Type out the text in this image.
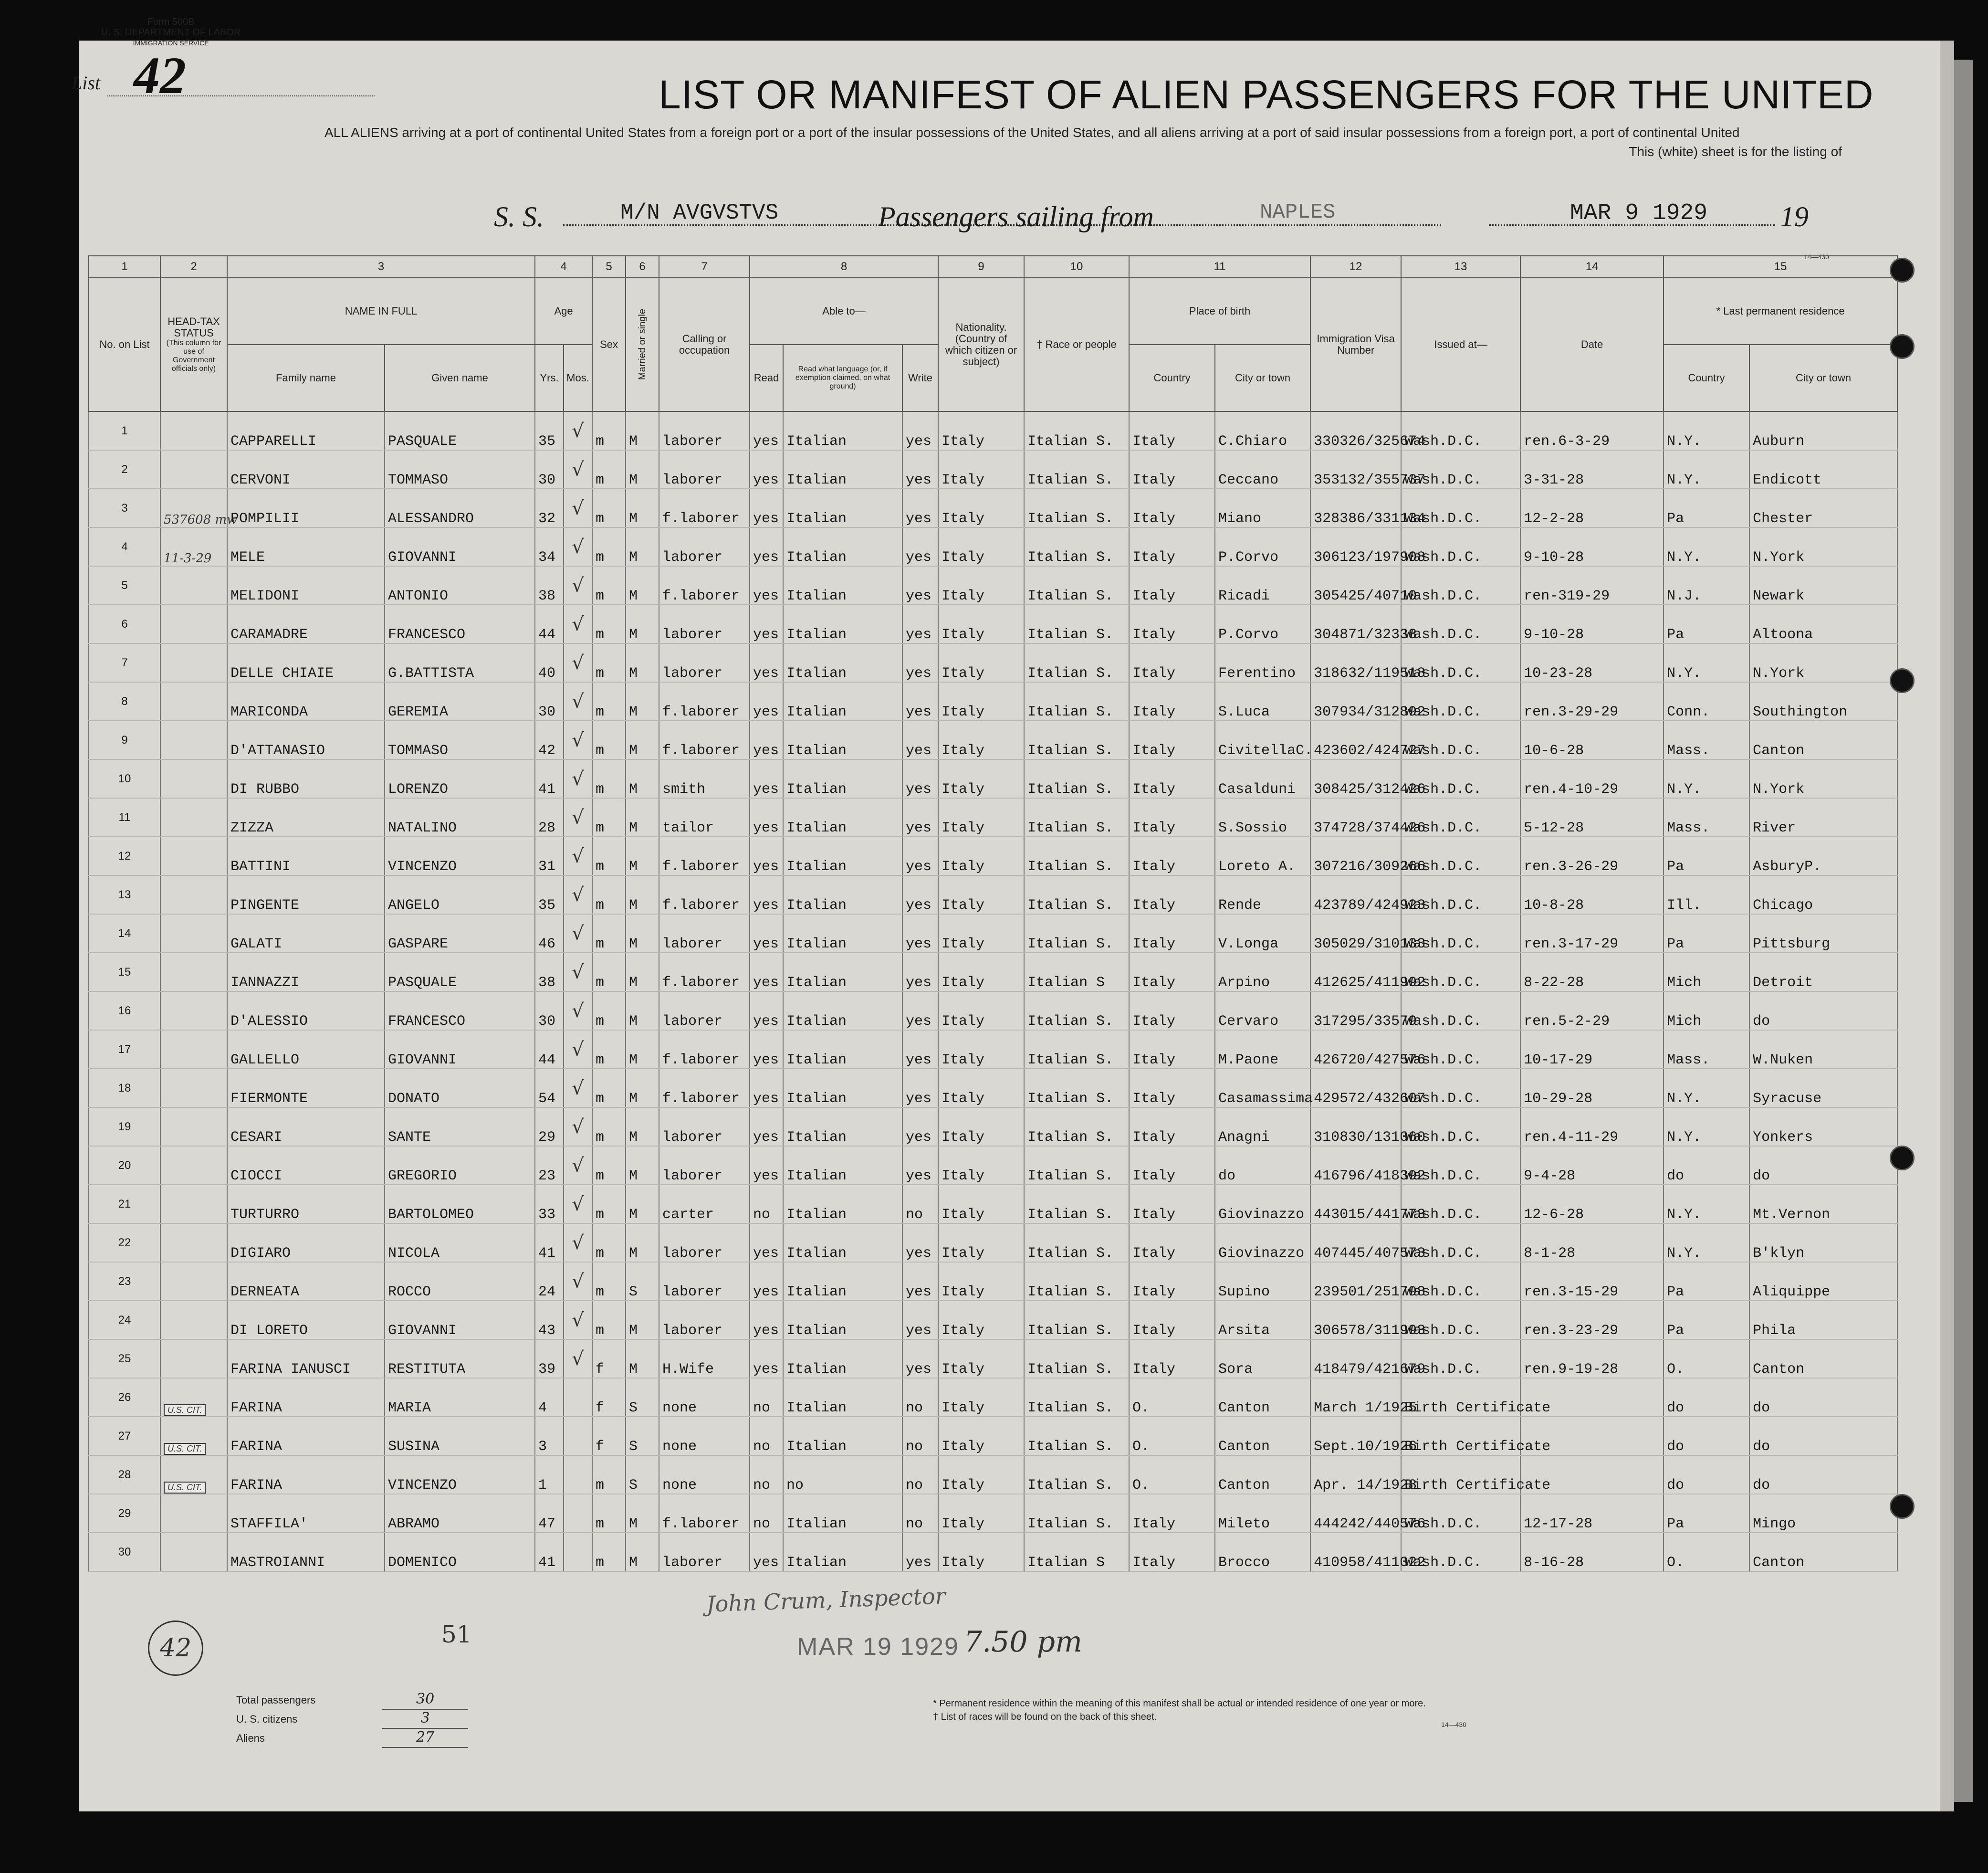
Form 500B
U. S. DEPARTMENT OF LABOR
IMMIGRATION SERVICE
List 42	LIST OR MANIFEST OF ALIEN PASSENGERS FOR THE UNITED
ALL ALIENS arriving at a port of continental United States from a foreign port or a port of the insular possessions of the United States, and all aliens arriving at a port of said insular possessions from a foreign port, a port of continental United
This (white) sheet is for the listing of
S. S.	M/N AVGVSTVS	Passengers sailing from	NAPLES	MAR 9 1929	19
14—430
1	2	3		4		5	6	7	8			9	10	11		12	13	14	15	
No. on List	HEAD-TAX STATUS
(This column for use of Government officials only)	NAME IN FULL		Age		Sex	Married or single	Calling or occupation	Able to—			Nationality. (Country of which citizen or subject)	† Race or people	Place of birth		Immigration Visa Number	Issued at—	Date	* Last permanent residence	
		Family name	Given name	Yrs.	Mos.				Read	Read what language (or, if exemption claimed, on what ground)	Write			Country	City or town				Country	City or town
1		CAPPARELLI	PASQUALE	35	√	m	M	laborer	yes	Italian	yes	Italy	Italian S.	Italy	C.Chiaro	330326/325674	Wash.D.C.	ren.6-3-29	N.Y.	Auburn
2		CERVONI	TOMMASO	30	√	m	M	laborer	yes	Italian	yes	Italy	Italian S.	Italy	Ceccano	353132/355737	Wash.D.C.	3-31-28	N.Y.	Endicott
3	537608 mw	POMPILII	ALESSANDRO	32	√	m	M	f.laborer	yes	Italian	yes	Italy	Italian S.	Italy	Miano	328386/331134	Wash.D.C.	12-2-28	Pa	Chester
4	11-3-29	MELE	GIOVANNI	34	√	m	M	laborer	yes	Italian	yes	Italy	Italian S.	Italy	P.Corvo	306123/197908	Wash.D.C.	9-10-28	N.Y.	N.York
5		MELIDONI	ANTONIO	38	√	m	M	f.laborer	yes	Italian	yes	Italy	Italian S.	Italy	Ricadi	305425/40710	Wash.D.C.	ren-319-29	N.J.	Newark
6		CARAMADRE	FRANCESCO	44	√	m	M	laborer	yes	Italian	yes	Italy	Italian S.	Italy	P.Corvo	304871/32338	Wash.D.C.	9-10-28	Pa	Altoona
7		DELLE CHIAIE	G.BATTISTA	40	√	m	M	laborer	yes	Italian	yes	Italy	Italian S.	Italy	Ferentino	318632/119518	Wash.D.C.	10-23-28	N.Y.	N.York
8		MARICONDA	GEREMIA	30	√	m	M	f.laborer	yes	Italian	yes	Italy	Italian S.	Italy	S.Luca	307934/312892	Wash.D.C.	ren.3-29-29	Conn.	Southington
9		D'ATTANASIO	TOMMASO	42	√	m	M	f.laborer	yes	Italian	yes	Italy	Italian S.	Italy	CivitellaC.	423602/424727	Wash.D.C.	10-6-28	Mass.	Canton
10		DI RUBBO	LORENZO	41	√	m	M	smith	yes	Italian	yes	Italy	Italian S.	Italy	Casalduni	308425/312426	Wash.D.C.	ren.4-10-29	N.Y.	N.York
11		ZIZZA	NATALINO	28	√	m	M	tailor	yes	Italian	yes	Italy	Italian S.	Italy	S.Sossio	374728/374426	Wash.D.C.	5-12-28	Mass.	River
12		BATTINI	VINCENZO	31	√	m	M	f.laborer	yes	Italian	yes	Italy	Italian S.	Italy	Loreto A.	307216/309266	Wash.D.C.	ren.3-26-29	Pa	AsburyP.
13		PINGENTE	ANGELO	35	√	m	M	f.laborer	yes	Italian	yes	Italy	Italian S.	Italy	Rende	423789/424923	Wash.D.C.	10-8-28	Ill.	Chicago
14		GALATI	GASPARE	46	√	m	M	laborer	yes	Italian	yes	Italy	Italian S.	Italy	V.Longa	305029/310133	Wash.D.C.	ren.3-17-29	Pa	Pittsburg
15		IANNAZZI	PASQUALE	38	√	m	M	f.laborer	yes	Italian	yes	Italy	Italian S	Italy	Arpino	412625/411992	Wash.D.C.	8-22-28	Mich	Detroit
16		D'ALESSIO	FRANCESCO	30	√	m	M	laborer	yes	Italian	yes	Italy	Italian S.	Italy	Cervaro	317295/33579	Wash.D.C.	ren.5-2-29	Mich	do
17		GALLELLO	GIOVANNI	44	√	m	M	f.laborer	yes	Italian	yes	Italy	Italian S.	Italy	M.Paone	426720/427576	Wash.D.C.	10-17-29	Mass.	W.Nuken
18		FIERMONTE	DONATO	54	√	m	M	f.laborer	yes	Italian	yes	Italy	Italian S.	Italy	Casamassima	429572/432607	Wash.D.C.	10-29-28	N.Y.	Syracuse
19		CESARI	SANTE	29	√	m	M	laborer	yes	Italian	yes	Italy	Italian S.	Italy	Anagni	310830/131060	Wash.D.C.	ren.4-11-29	N.Y.	Yonkers
20		CIOCCI	GREGORIO	23	√	m	M	laborer	yes	Italian	yes	Italy	Italian S.	Italy	do	416796/418392	Wash.D.C.	9-4-28	do	do
21		TURTURRO	BARTOLOMEO	33	√	m	M	carter	no	Italian	no	Italy	Italian S.	Italy	Giovinazzo	443015/441773	Wash.D.C.	12-6-28	N.Y.	Mt.Vernon
22		DIGIARO	NICOLA	41	√	m	M	laborer	yes	Italian	yes	Italy	Italian S.	Italy	Giovinazzo	407445/407573	Wash.D.C.	8-1-28	N.Y.	B'klyn
23		DERNEATA	ROCCO	24	√	m	S	laborer	yes	Italian	yes	Italy	Italian S.	Italy	Supino	239501/251798	Wash.D.C.	ren.3-15-29	Pa	Aliquippe
24		DI LORETO	GIOVANNI	43	√	m	M	laborer	yes	Italian	yes	Italy	Italian S.	Italy	Arsita	306578/311993	Wash.D.C.	ren.3-23-29	Pa	Phila
25		FARINA IANUSCI	RESTITUTA	39	√	f	M	H.Wife	yes	Italian	yes	Italy	Italian S.	Italy	Sora	418479/421679	Wash.D.C.	ren.9-19-28	O.	Canton
26	U.S. CIT.	FARINA	MARIA	4		f	S	none	no	Italian	no	Italy	Italian S.	O.	Canton	March 1/1925	Birth Certificate		do	do
27	U.S. CIT.	FARINA	SUSINA	3		f	S	none	no	Italian	no	Italy	Italian S.	O.	Canton	Sept.10/1926	Birth Certificate		do	do
28	U.S. CIT.	FARINA	VINCENZO	1		m	S	none	no	no	no	Italy	Italian S.	O.	Canton	Apr. 14/1928	Birth Certificate		do	do
29		STAFFILA'	ABRAMO	47		m	M	f.laborer	no	Italian	no	Italy	Italian S.	Italy	Mileto	444242/440576	Wash.D.C.	12-17-28	Pa	Mingo
30		MASTROIANNI	DOMENICO	41		m	M	laborer	yes	Italian	yes	Italy	Italian S	Italy	Brocco	410958/411022	Wash.D.C.	8-16-28	O.	Canton
John Crum, Inspector
MAR 19 1929 7.50 pm
42	51
Total passengers	30
U. S. citizens	3
Aliens	27
* Permanent residence within the meaning of this manifest shall be actual or intended residence of one year or more.
† List of races will be found on the back of this sheet.
14—430
